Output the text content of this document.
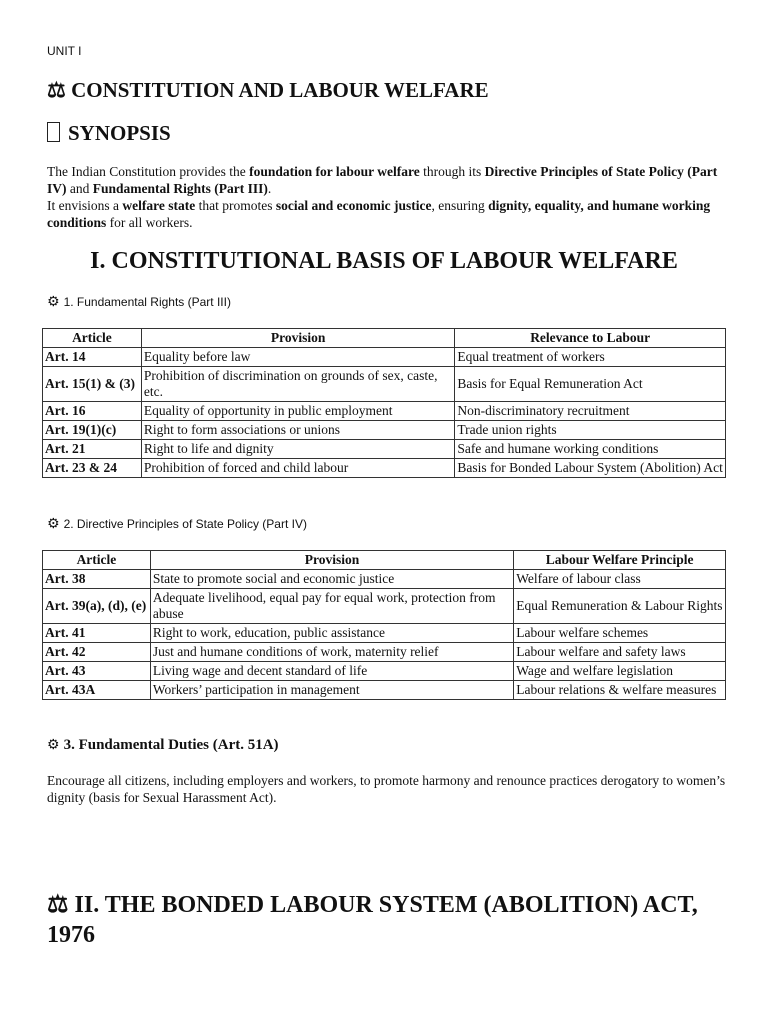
UNIT I
⚖ CONSTITUTION AND LABOUR WELFARE
SYNOPSIS
The Indian Constitution provides the foundation for labour welfare through its Directive Principles of State Policy (Part IV) and Fundamental Rights (Part III).
It envisions a welfare state that promotes social and economic justice, ensuring dignity, equality, and humane working conditions for all workers.
I. CONSTITUTIONAL BASIS OF LABOUR WELFARE
⚙ 1. Fundamental Rights (Part III)
Article	Provision	Relevance to Labour
Art. 14	Equality before law	Equal treatment of workers
Art. 15(1) & (3)	Prohibition of discrimination on grounds of sex, caste, etc.	Basis for Equal Remuneration Act
Art. 16	Equality of opportunity in public employment	Non-discriminatory recruitment
Art. 19(1)(c)	Right to form associations or unions	Trade union rights
Art. 21	Right to life and dignity	Safe and humane working conditions
Art. 23 & 24	Prohibition of forced and child labour	Basis for Bonded Labour System (Abolition) Act
⚙ 2. Directive Principles of State Policy (Part IV)
Article	Provision	Labour Welfare Principle
Art. 38	State to promote social and economic justice	Welfare of labour class
Art. 39(a), (d), (e)	Adequate livelihood, equal pay for equal work, protection from abuse	Equal Remuneration & Labour Rights
Art. 41	Right to work, education, public assistance	Labour welfare schemes
Art. 42	Just and humane conditions of work, maternity relief	Labour welfare and safety laws
Art. 43	Living wage and decent standard of life	Wage and welfare legislation
Art. 43A	Workers’ participation in management	Labour relations & welfare measures
⚙ 3. Fundamental Duties (Art. 51A)
Encourage all citizens, including employers and workers, to promote harmony and renounce practices derogatory to women’s dignity (basis for Sexual Harassment Act).
⚖ II. THE BONDED LABOUR SYSTEM (ABOLITION) ACT, 1976
